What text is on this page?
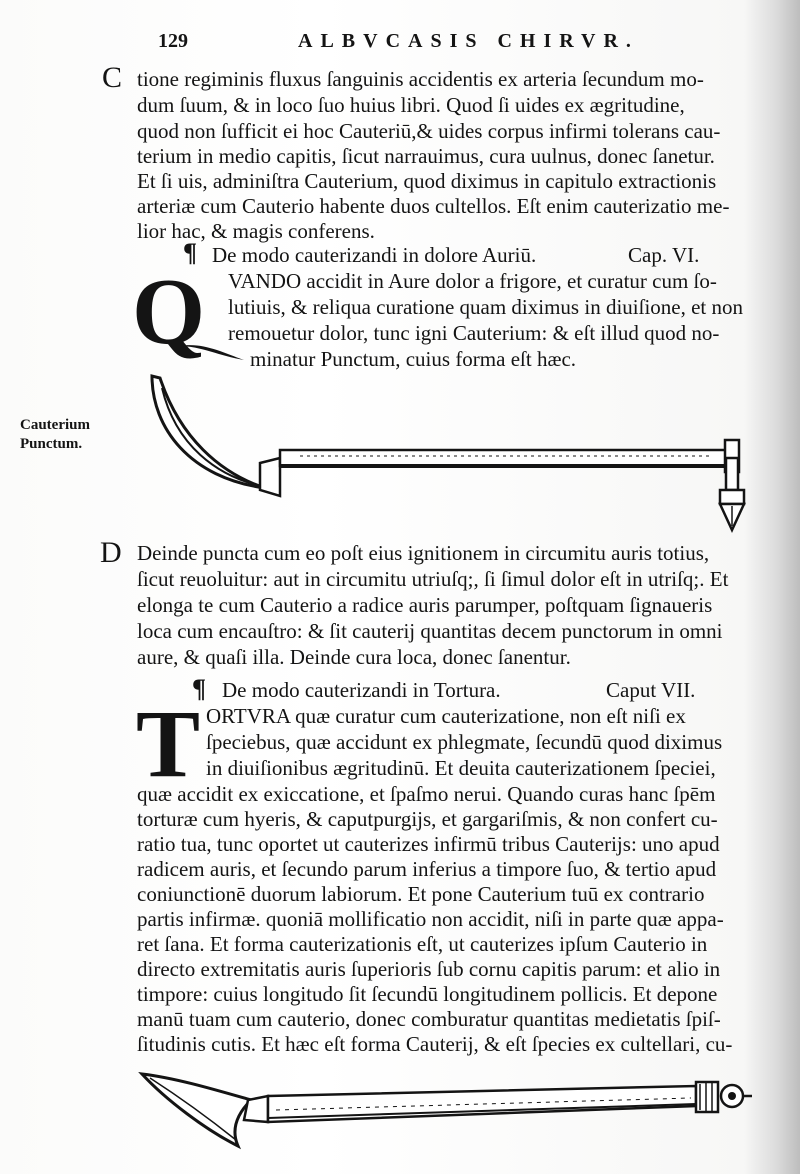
129	ALBVCASIS CHIRVR.
C tione regiminis fluxus ſanguinis accidentis ex arteria ſecundum mo-
dum ſuum, & in loco ſuo huius libri. Quod ſi uides ex ægritudine,
quod non ſufficit ei hoc Cauteriū,& uides corpus infirmi tolerans cau-
terium in medio capitis, ſicut narrauimus, cura uulnus, donec ſanetur.
Et ſi uis, adminiſtra Cauterium, quod diximus in capitulo extractionis
arteriæ cum Cauterio habente duos cultellos. Eſt enim cauterizatio me-
lior hac, & magis conferens.
¶ De modo cauterizandi in dolore Auriū.	Cap. VI.
Q VANDO accidit in Aure dolor a frigore, et curatur cum ſo-
lutiuis, & reliqua curatione quam diximus in diuiſione, et non
remouetur dolor, tunc igni Cauterium: & eſt illud quod no-
minatur Punctum, cuius forma eſt hæc.
Cauterium
Punctum.
D Deinde puncta cum eo poſt eius ignitionem in circumitu auris totius,
ſicut reuoluitur: aut in circumitu utriuſq;, ſi ſimul dolor eſt in utriſq;. Et
elonga te cum Cauterio a radice auris parumper, poſtquam ſignaueris
loca cum encauſtro: & ſit cauterij quantitas decem punctorum in omni
aure, & quaſi illa. Deinde cura loca, donec ſanentur.
¶ De modo cauterizandi in Tortura.	Caput VII.
T ORTVRA quæ curatur cum cauterizatione, non eſt niſi ex
ſpeciebus, quæ accidunt ex phlegmate, ſecundū quod diximus
in diuiſionibus ægritudinū. Et deuita cauterizationem ſpeciei,
quæ accidit ex exiccatione, et ſpaſmo nerui. Quando curas hanc ſpēm
torturæ cum hyeris, & caputpurgijs, et gargariſmis, & non confert cu-
ratio tua, tunc oportet ut cauterizes infirmū tribus Cauterijs: uno apud
radicem auris, et ſecundo parum inferius a timpore ſuo, & tertio apud
coniunctionē duorum labiorum. Et pone Cauterium tuū ex contrario
partis infirmæ. quoniā mollificatio non accidit, niſi in parte quæ appa-
ret ſana. Et forma cauterizationis eſt, ut cauterizes ipſum Cauterio in
directo extremitatis auris ſuperioris ſub cornu capitis parum: et alio in
timpore: cuius longitudo ſit ſecundū longitudinem pollicis. Et depone
manū tuam cum cauterio, donec comburatur quantitas medietatis ſpiſ-
ſitudinis cutis. Et hæc eſt forma Cauterij, & eſt ſpecies ex cultellari, cu-
